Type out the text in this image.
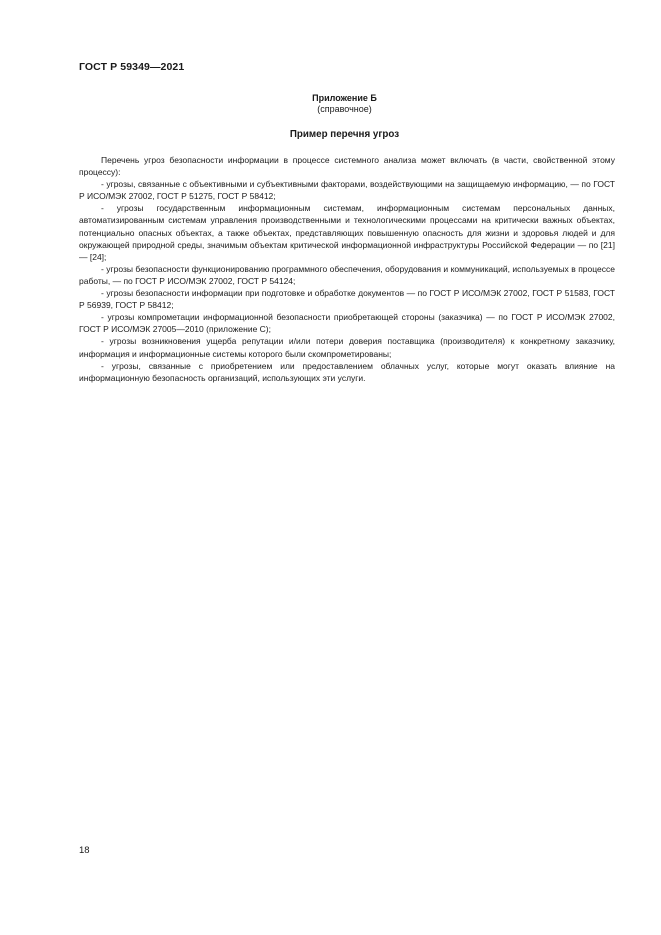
ГОСТ Р 59349—2021
Приложение Б
(справочное)
Пример перечня угроз

Перечень угроз безопасности информации в процессе системного анализа может включать (в части, свойственной этому процессу):

- угрозы, связанные с объективными и субъективными факторами, воздействующими на защищаемую информацию, — по ГОСТ Р ИСО/МЭК 27002, ГОСТ Р 51275, ГОСТ Р 58412;

- угрозы государственным информационным системам, информационным системам персональных данных, автоматизированным системам управления производственными и технологическими процессами на критически важных объектах, потенциально опасных объектах, а также объектах, представляющих повышенную опасность для жизни и здоровья людей и для окружающей природной среды, значимым объектам критической информационной инфраструктуры Российской Федерации — по [21] — [24];

- угрозы безопасности функционированию программного обеспечения, оборудования и коммуникаций, используемых в процессе работы, — по ГОСТ Р ИСО/МЭК 27002, ГОСТ Р 54124;

- угрозы безопасности информации при подготовке и обработке документов — по ГОСТ Р ИСО/МЭК 27002, ГОСТ Р 51583, ГОСТ Р 56939, ГОСТ Р 58412;

- угрозы компрометации информационной безопасности приобретающей стороны (заказчика) — по ГОСТ Р ИСО/МЭК 27002, ГОСТ Р ИСО/МЭК 27005—2010 (приложение С);

- угрозы возникновения ущерба репутации и/или потери доверия поставщика (производителя) к конкретному заказчику, информация и информационные системы которого были скомпрометированы;

- угрозы, связанные с приобретением или предоставлением облачных услуг, которые могут оказать влияние на информационную безопасность организаций, использующих эти услуги.

18
